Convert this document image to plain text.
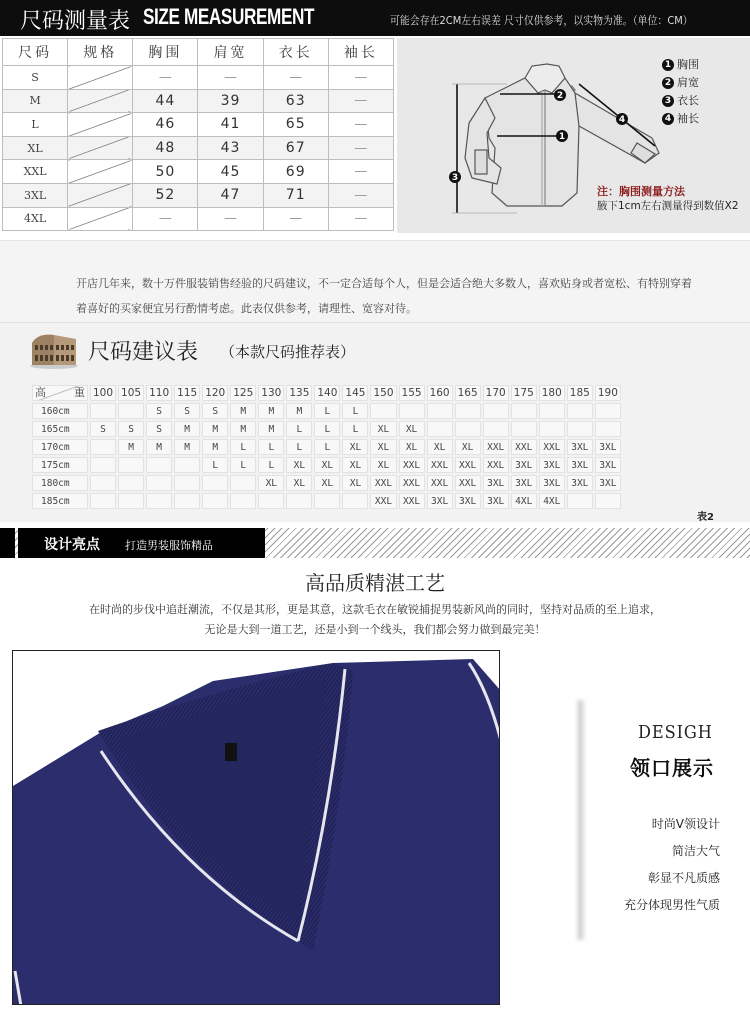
尺码测量表 SIZE MEASUREMENT	可能会存在2CM左右误差 尺寸仅供参考，以实物为准。（单位：CM）
尺码	规格	胸围	肩宽	衣长	袖长
S		—	—	—	—
M		44	39	63	—
L		46	41	65	—
XL		48	43	67	—
XXL		50	45	69	—
3XL		52	47	71	—
4XL		—	—	—	—
2
1
3
4
1 胸围
2 肩宽
3 衣长
4 袖长
注：胸围测量方法
腋下1cm左右测量得到数值X2

开店几年来，数十万件服装销售经验的尺码建议，不一定合适每个人，但是会适合绝大多数人，喜欢贴身或者宽松、有特别穿着

着喜好的买家便宜另行酌情考虑。此表仅供参考，请理性、宽容对待。

尺码建议表 （本款尺码推荐表）
高 重	100	105	110	115	120	125	130	135	140	145	150	155	160	165	170	175	180	185	190
160cm			S	S	S	M	M	M	L	L									
165cm	S	S	S	M	M	M	M	L	L	L	XL	XL							
170cm		M	M	M	M	L	L	L	L	XL	XL	XL	XL	XL	XXL	XXL	XXL	3XL	3XL
175cm					L	L	L	XL	XL	XL	XL	XXL	XXL	XXL	XXL	3XL	3XL	3XL	3XL
180cm							XL	XL	XL	XL	XXL	XXL	XXL	XXL	3XL	3XL	3XL	3XL	3XL
185cm											XXL	XXL	3XL	3XL	3XL	4XL	4XL		
表2
设计亮点 打造男装服饰精品
高品质精湛工艺
在时尚的步伐中追赶潮流，不仅是其形，更是其意，这款毛衣在敏锐捕捉男装新风尚的同时，坚持对品质的至上追求，
无论是大到一道工艺，还是小到一个线头，我们都会努力做到最完美！
DESIGH
领口展示
时尚V领设计
简洁大气
彰显不凡质感
充分体现男性气质
